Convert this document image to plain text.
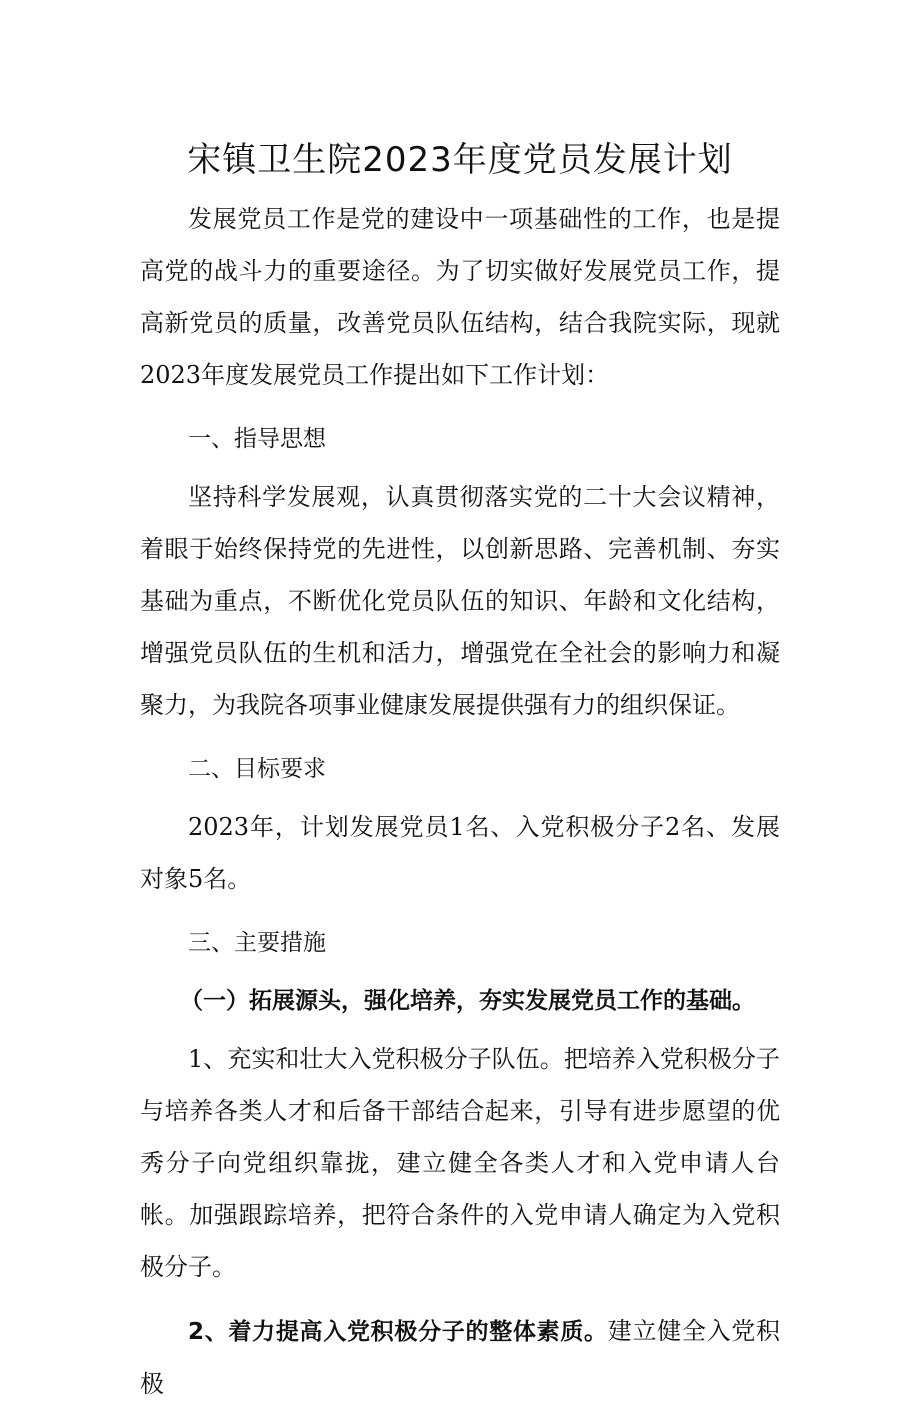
宋镇卫生院2023年度党员发展计划

发展党员工作是党的建设中一项基础性的工作，也是提高党的战斗力的重要途径。为了切实做好发展党员工作，提高新党员的质量，改善党员队伍结构，结合我院实际，现就2023年度发展党员工作提出如下工作计划：

一、指导思想

坚持科学发展观，认真贯彻落实党的二十大会议精神，着眼于始终保持党的先进性，以创新思路、完善机制、夯实基础为重点，不断优化党员队伍的知识、年龄和文化结构，增强党员队伍的生机和活力，增强党在全社会的影响力和凝聚力，为我院各项事业健康发展提供强有力的组织保证。

二、目标要求

2023年，计划发展党员1名、入党积极分子2名、发展对象5名。

三、主要措施

（一）拓展源头，强化培养，夯实发展党员工作的基础。

1、充实和壮大入党积极分子队伍。把培养入党积极分子与培养各类人才和后备干部结合起来，引导有进步愿望的优秀分子向党组织靠拢，建立健全各类人才和入党申请人台帐。加强跟踪培养，把符合条件的入党申请人确定为入党积极分子。

2、着力提高入党积极分子的整体素质。建立健全入党积极
